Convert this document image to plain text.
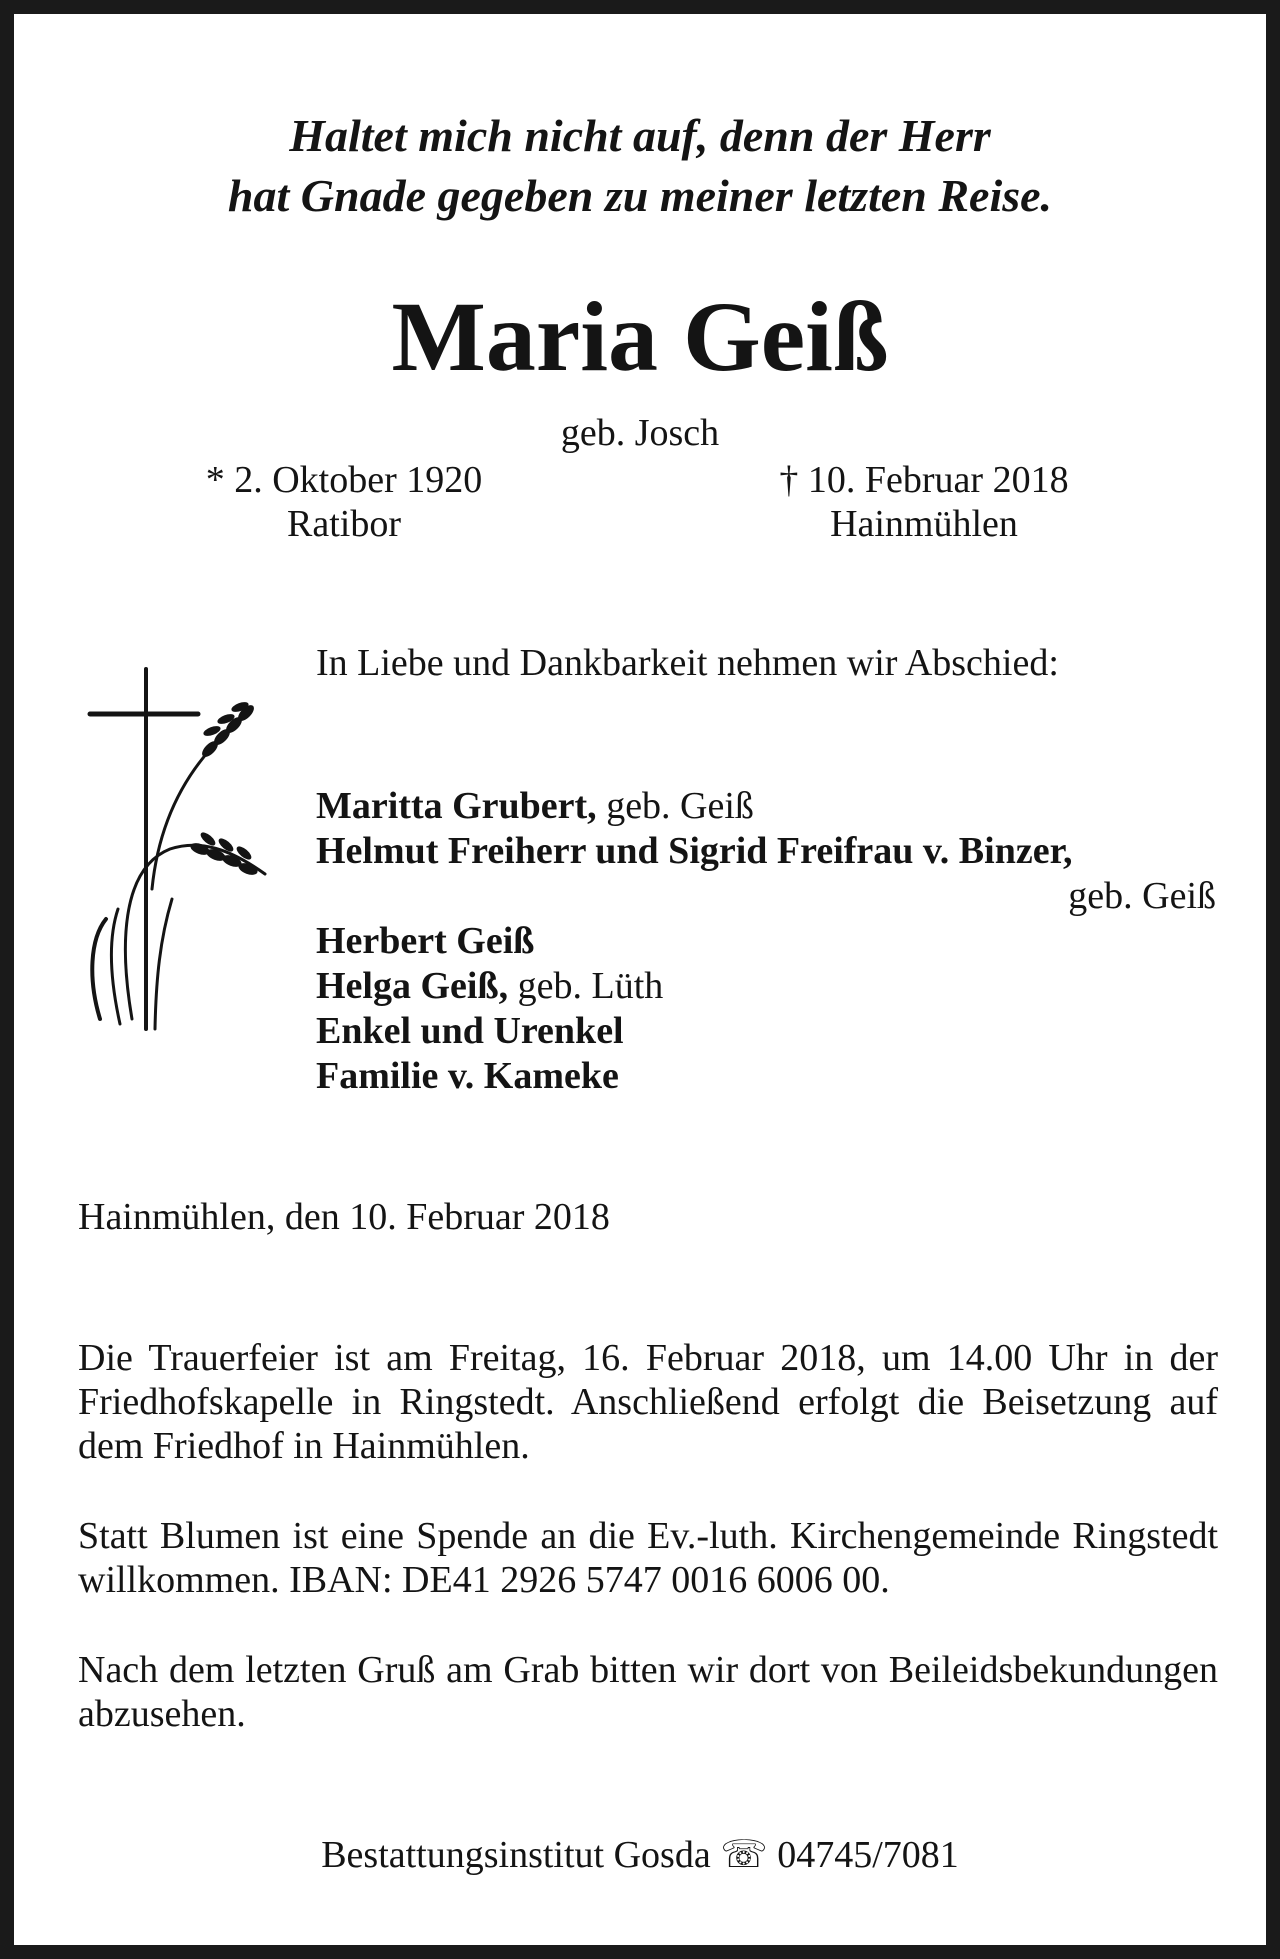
Haltet mich nicht auf, denn der Herr
hat Gnade gegeben zu meiner letzten Reise.
Maria Geiß
geb. Josch
* 2. Oktober 1920
Ratibor
† 10. Februar 2018
Hainmühlen
In Liebe und Dankbarkeit nehmen wir Abschied:
Maritta Grubert, geb. Geiß
Helmut Freiherr und Sigrid Freifrau v. Binzer,
geb. Geiß
Herbert Geiß
Helga Geiß, geb. Lüth
Enkel und Urenkel
Familie v. Kameke
Hainmühlen, den 10. Februar 2018
Die Trauerfeier ist am Freitag, 16. Februar 2018, um 14.00 Uhr in der Friedhofskapelle in Ringstedt. Anschließend erfolgt die Beisetzung auf dem Friedhof in Hainmühlen.
Statt Blumen ist eine Spende an die Ev.-luth. Kirchengemeinde Ringstedt willkommen. IBAN: DE41 2926 5747 0016 6006 00.
Nach dem letzten Gruß am Grab bitten wir dort von Beileidsbekundungen abzusehen.
Bestattungsinstitut Gosda ☏ 04745/7081
